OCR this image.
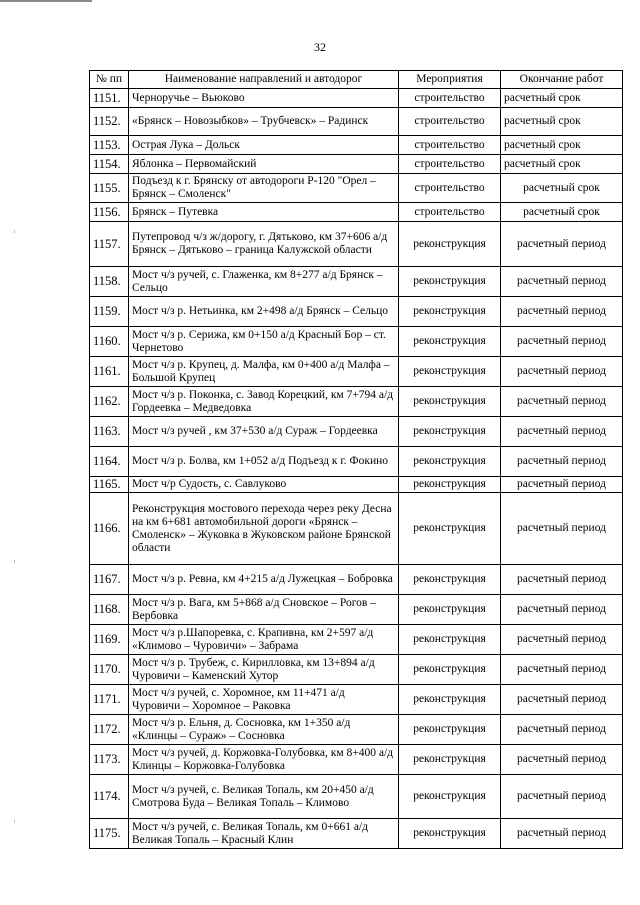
32
№ пп	Наименование направлений и автодорог	Мероприятия	Окончание работ
1151.	Черноручье – Вьюково	строительство	расчетный срок
1152.	«Брянск – Новозыбков» – Трубчевск» – Радинск	строительство	расчетный срок
1153.	Острая Лука – Дольск	строительство	расчетный срок
1154.	Яблонка – Первомайский	строительство	расчетный срок
1155.	Подъезд к г. Брянску от автодороги Р-120 "Орел – Брянск – Смоленск"	строительство	расчетный срок
1156.	Брянск – Путевка	строительство	расчетный срок
1157.	Путепровод ч/з ж/дорогу, г. Дятьково, км 37+606 а/д Брянск – Дятьково – граница Калужской области	реконструкция	расчетный период
1158.	Мост ч/з ручей, с. Глаженка, км 8+277 а/д Брянск – Сельцо	реконструкция	расчетный период
1159.	Мост ч/з р. Нетьинка, км 2+498 а/д Брянск – Сельцо	реконструкция	расчетный период
1160.	Мост ч/з р. Серижа, км 0+150 а/д Красный Бор – ст. Чернетово	реконструкция	расчетный период
1161.	Мост ч/з р. Крупец, д. Малфа, км 0+400 а/д Малфа – Большой Крупец	реконструкция	расчетный период
1162.	Мост ч/з р. Поконка, с. Завод Корецкий, км 7+794 а/д Гордеевка – Медведовка	реконструкция	расчетный период
1163.	Мост ч/з ручей , км 37+530 а/д Сураж – Гордеевка	реконструкция	расчетный период
1164.	Мост ч/з р. Болва, км 1+052 а/д Подъезд к г. Фокино	реконструкция	расчетный период
1165.	Мост ч/р Судость, с. Савлуково	реконструкция	расчетный период
1166.	Реконструкция мостового перехода через реку Десна на км 6+681 автомобильной дороги «Брянск – Смоленск» – Жуковка в Жуковском районе Брянской области	реконструкция	расчетный период
1167.	Мост ч/з р. Ревна, км 4+215 а/д Лужецкая – Бобровка	реконструкция	расчетный период
1168.	Мост ч/з р. Вага, км 5+868 а/д Сновское – Рогов – Вербовка	реконструкция	расчетный период
1169.	Мост ч/з р.Шапоревка, с. Крапивна, км 2+597 а/д «Климово – Чуровичи» – Забрама	реконструкция	расчетный период
1170.	Мост ч/з р. Трубеж, с. Кирилловка, км 13+894 а/д Чуровичи – Каменский Хутор	реконструкция	расчетный период
1171.	Мост ч/з ручей, с. Хоромное, км 11+471 а/д Чуровичи – Хоромное – Раковка	реконструкция	расчетный период
1172.	Мост ч/з р. Ельня, д. Сосновка, км 1+350 а/д «Клинцы – Сураж» – Сосновка	реконструкция	расчетный период
1173.	Мост ч/з ручей, д. Коржовка-Голубовка, км 8+400 а/д Клинцы – Коржовка-Голубовка	реконструкция	расчетный период
1174.	Мост ч/з ручей, с. Великая Топаль, км 20+450 а/д Смотрова Буда – Великая Топаль – Климово	реконструкция	расчетный период
1175.	Мост ч/з ручей, с. Великая Топаль, км 0+661 а/д Великая Топаль – Красный Клин	реконструкция	расчетный период
